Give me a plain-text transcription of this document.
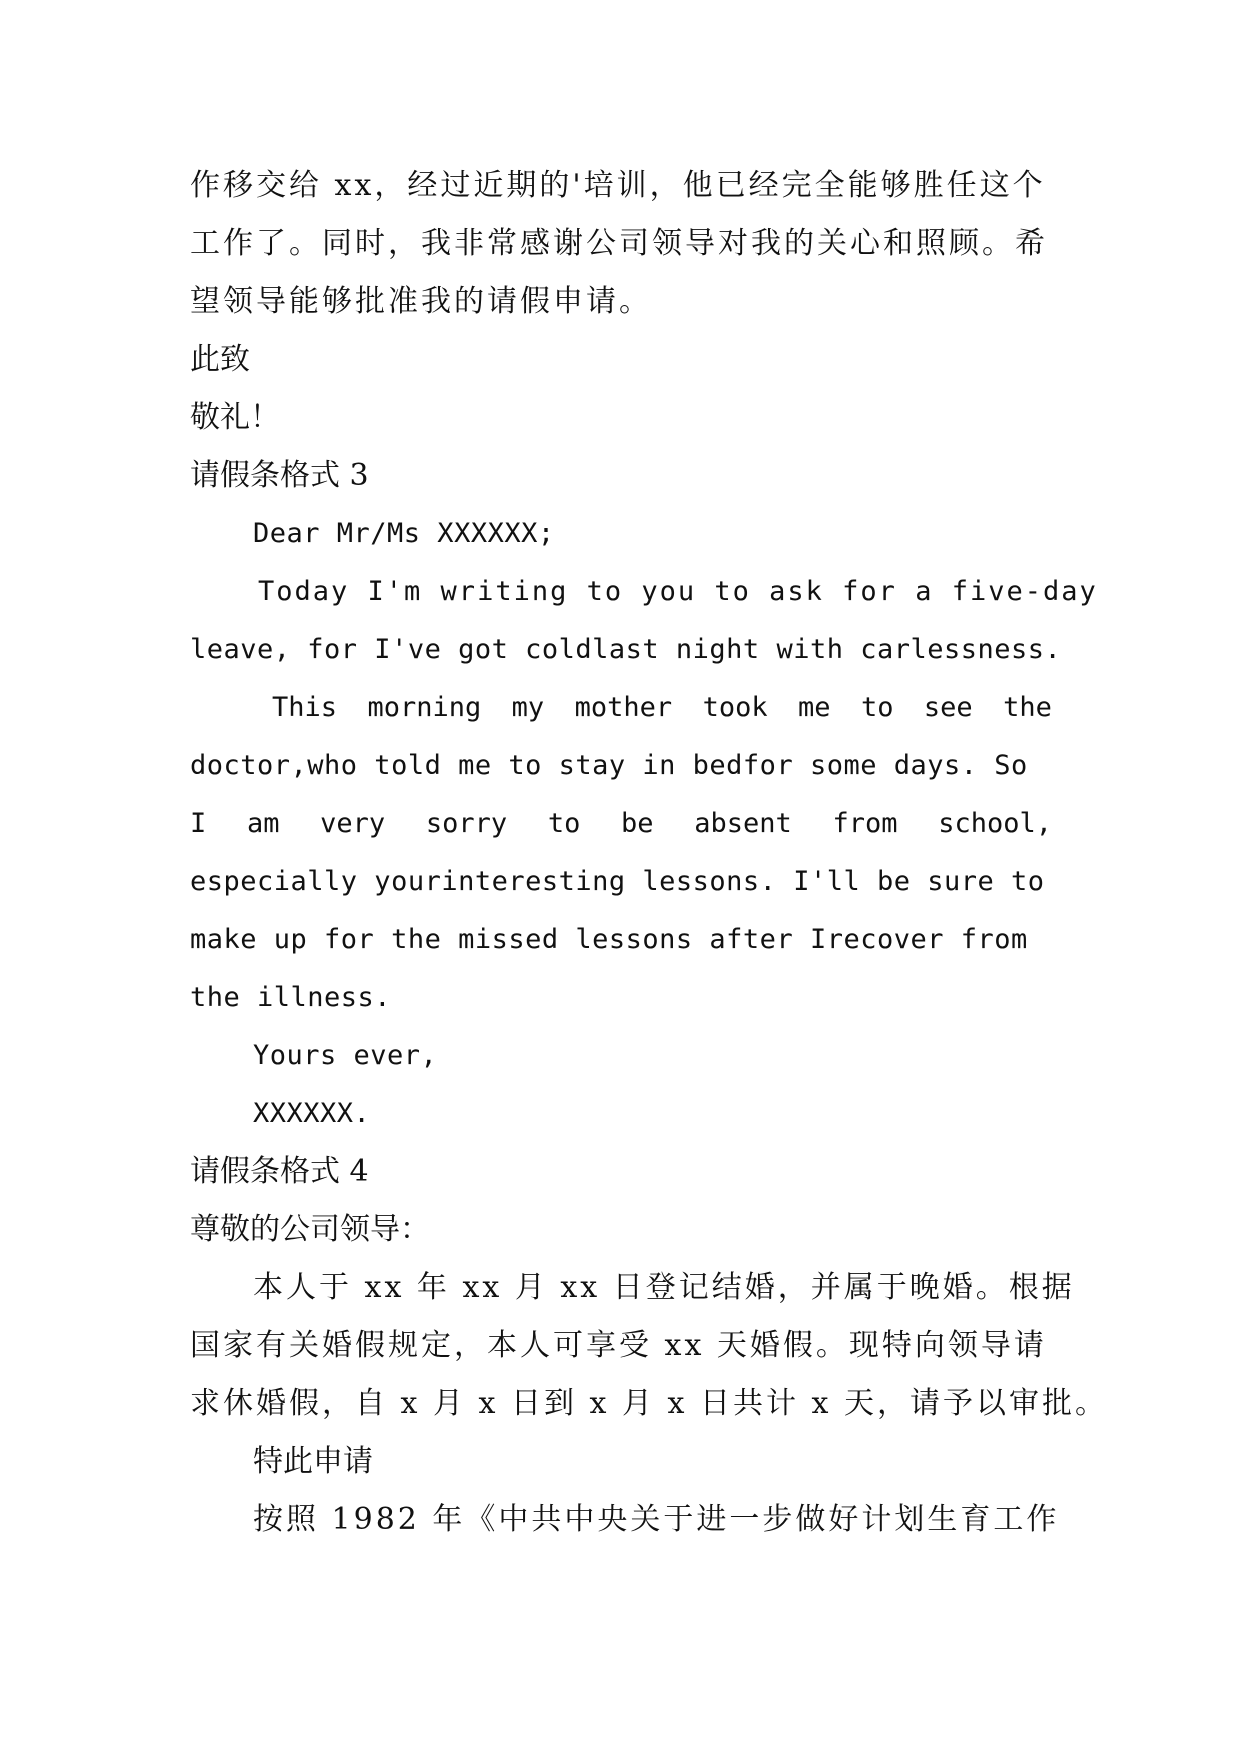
作移交给 xx，经过近期的'培训，他已经完全能够胜任这个
工作了。同时，我非常感谢公司领导对我的关心和照顾。希
望领导能够批准我的请假申请。
此致
敬礼！
请假条格式 3
Dear Mr/Ms XXXXXX;
Today I'm writing to you to ask for a five-day
leave, for I've got coldlast night with carlessness.
This morning my mother took me to see the
doctor,who told me to stay in bedfor some days. So
I am very sorry to be absent from school,
especially yourinteresting lessons. I'll be sure to
make up for the missed lessons after Irecover from
the illness.
Yours ever,
XXXXXX.
请假条格式 4
尊敬的公司领导：
本人于 xx 年 xx 月 xx 日登记结婚，并属于晚婚。根据
国家有关婚假规定，本人可享受 xx 天婚假。现特向领导请
求休婚假，自 x 月 x 日到 x 月 x 日共计 x 天，请予以审批。
特此申请
按照 1982 年《中共中央关于进一步做好计划生育工作
